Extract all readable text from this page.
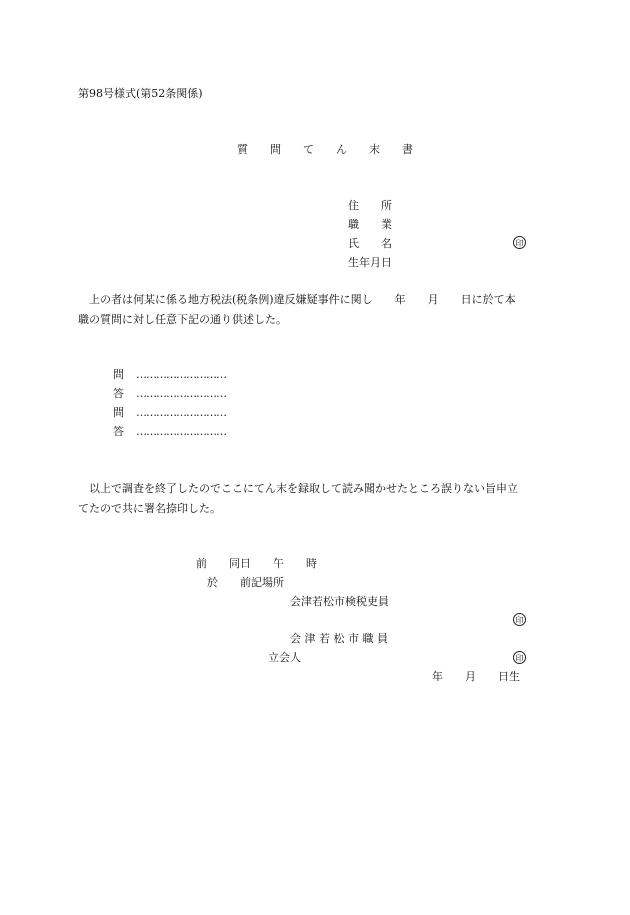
第98号様式(第52条関係)
質　　問　　て　　ん　　末　　書
住　　所
職　　業
氏　　名	印
生年月日
上の者は何某に係る地方税法(税条例)違反嫌疑事件に関し　　年　　月　　日に於て本
職の質問に対し任意下記の通り供述した。
問 ………………………
答 ………………………
問 ………………………
答 ………………………
以上で調査を終了したのでここにてん末を録取して読み聞かせたところ誤りない旨申立
てたので共に署名捺印した。
前　　同日　　午　　時
於　　前記場所
会津若松市検税吏員
印
会 津 若 松 市 職 員
立会人	印
年　　月　　日生
